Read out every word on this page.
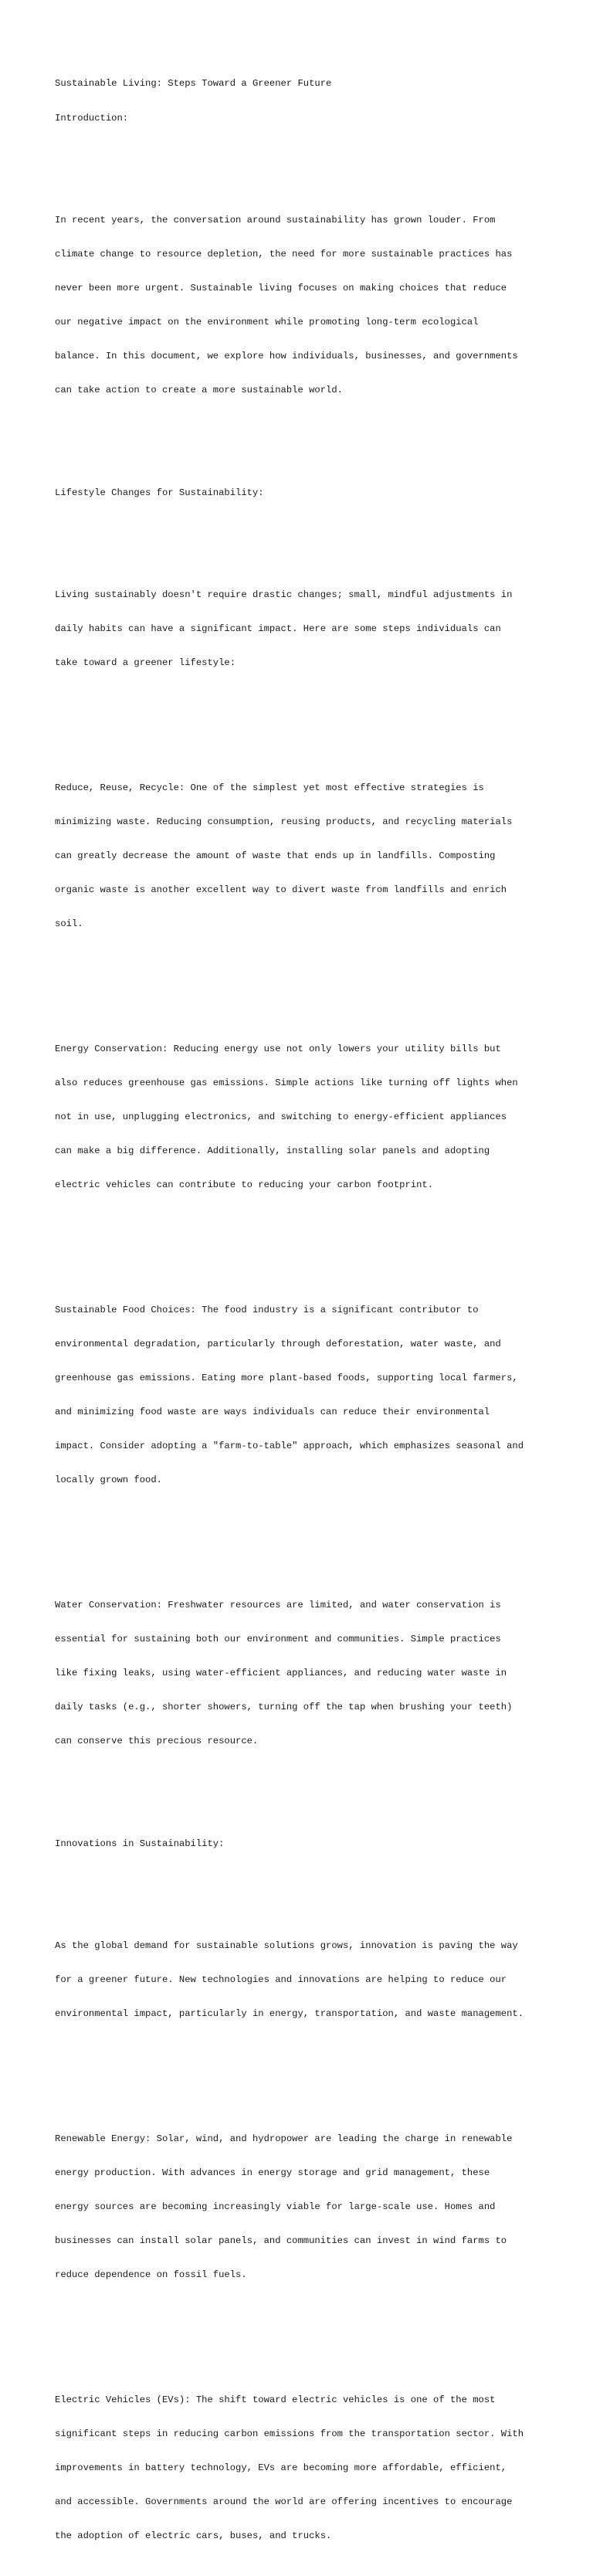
Sustainable Living: Steps Toward a Greener Future

Introduction:

In recent years, the conversation around sustainability has grown louder. From

climate change to resource depletion, the need for more sustainable practices has

never been more urgent. Sustainable living focuses on making choices that reduce

our negative impact on the environment while promoting long-term ecological

balance. In this document, we explore how individuals, businesses, and governments

can take action to create a more sustainable world.

Lifestyle Changes for Sustainability:

Living sustainably doesn't require drastic changes; small, mindful adjustments in

daily habits can have a significant impact. Here are some steps individuals can

take toward a greener lifestyle:

Reduce, Reuse, Recycle: One of the simplest yet most effective strategies is

minimizing waste. Reducing consumption, reusing products, and recycling materials

can greatly decrease the amount of waste that ends up in landfills. Composting

organic waste is another excellent way to divert waste from landfills and enrich

soil.

Energy Conservation: Reducing energy use not only lowers your utility bills but

also reduces greenhouse gas emissions. Simple actions like turning off lights when

not in use, unplugging electronics, and switching to energy-efficient appliances

can make a big difference. Additionally, installing solar panels and adopting

electric vehicles can contribute to reducing your carbon footprint.

Sustainable Food Choices: The food industry is a significant contributor to

environmental degradation, particularly through deforestation, water waste, and

greenhouse gas emissions. Eating more plant-based foods, supporting local farmers,

and minimizing food waste are ways individuals can reduce their environmental

impact. Consider adopting a "farm-to-table" approach, which emphasizes seasonal and

locally grown food.

Water Conservation: Freshwater resources are limited, and water conservation is

essential for sustaining both our environment and communities. Simple practices

like fixing leaks, using water-efficient appliances, and reducing water waste in

daily tasks (e.g., shorter showers, turning off the tap when brushing your teeth)

can conserve this precious resource.

Innovations in Sustainability:

As the global demand for sustainable solutions grows, innovation is paving the way

for a greener future. New technologies and innovations are helping to reduce our

environmental impact, particularly in energy, transportation, and waste management.

Renewable Energy: Solar, wind, and hydropower are leading the charge in renewable

energy production. With advances in energy storage and grid management, these

energy sources are becoming increasingly viable for large-scale use. Homes and

businesses can install solar panels, and communities can invest in wind farms to

reduce dependence on fossil fuels.

Electric Vehicles (EVs): The shift toward electric vehicles is one of the most

significant steps in reducing carbon emissions from the transportation sector. With

improvements in battery technology, EVs are becoming more affordable, efficient,

and accessible. Governments around the world are offering incentives to encourage

the adoption of electric cars, buses, and trucks.
